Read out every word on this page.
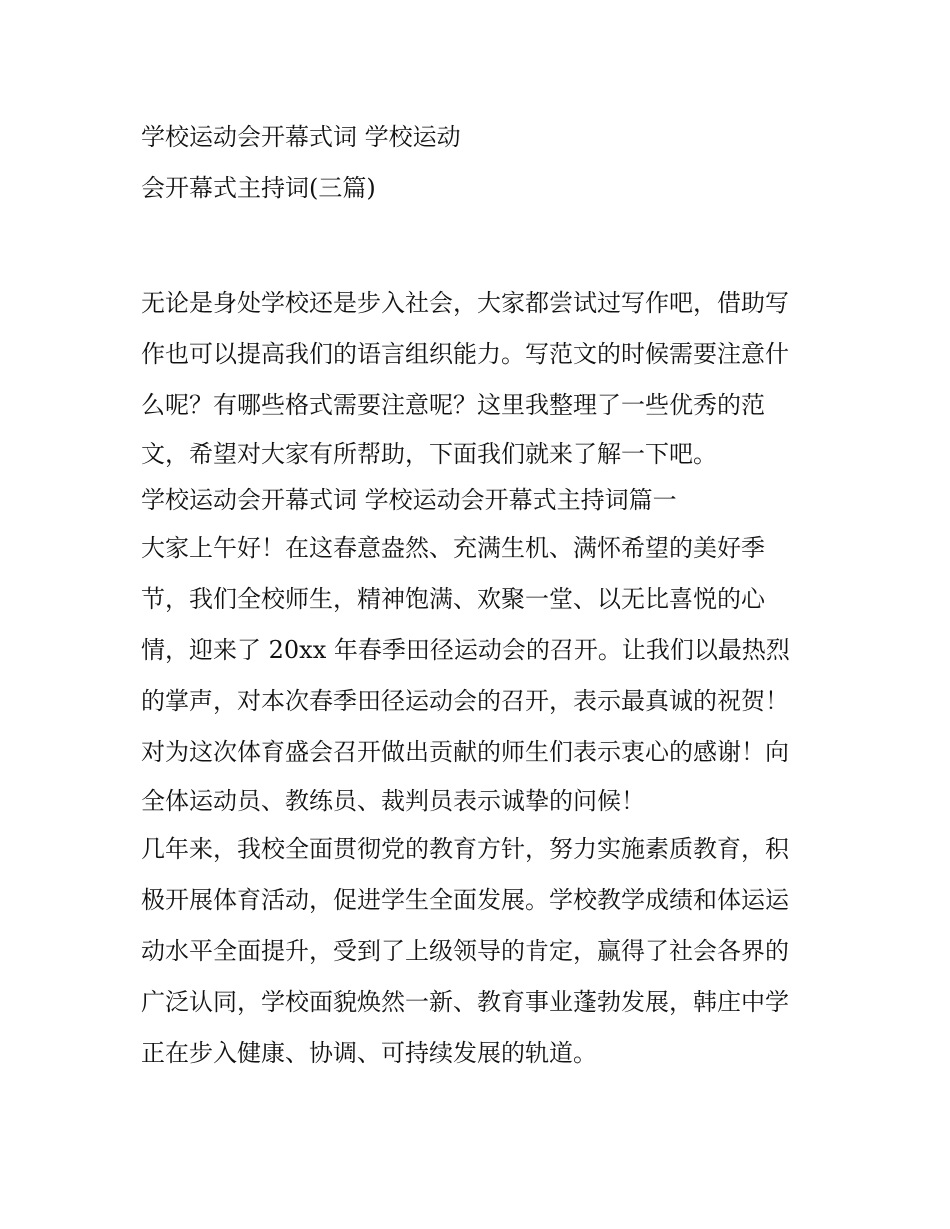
学校运动会开幕式词 学校运动
会开幕式主持词(三篇)
无论是身处学校还是步入社会，大家都尝试过写作吧，借助写
作也可以提高我们的语言组织能力。写范文的时候需要注意什
么呢？有哪些格式需要注意呢？这里我整理了一些优秀的范
文，希望对大家有所帮助，下面我们就来了解一下吧。
学校运动会开幕式词 学校运动会开幕式主持词篇一
大家上午好！在这春意盎然、充满生机、满怀希望的美好季
节，我们全校师生，精神饱满、欢聚一堂、以无比喜悦的心
情，迎来了 20xx 年春季田径运动会的召开。让我们以最热烈
的掌声，对本次春季田径运动会的召开，表示最真诚的祝贺！
对为这次体育盛会召开做出贡献的师生们表示衷心的感谢！向
全体运动员、教练员、裁判员表示诚挚的问候！
几年来，我校全面贯彻党的教育方针，努力实施素质教育，积
极开展体育活动，促进学生全面发展。学校教学成绩和体运运
动水平全面提升，受到了上级领导的肯定，赢得了社会各界的
广泛认同，学校面貌焕然一新、教育事业蓬勃发展，韩庄中学
正在步入健康、协调、可持续发展的轨道。
